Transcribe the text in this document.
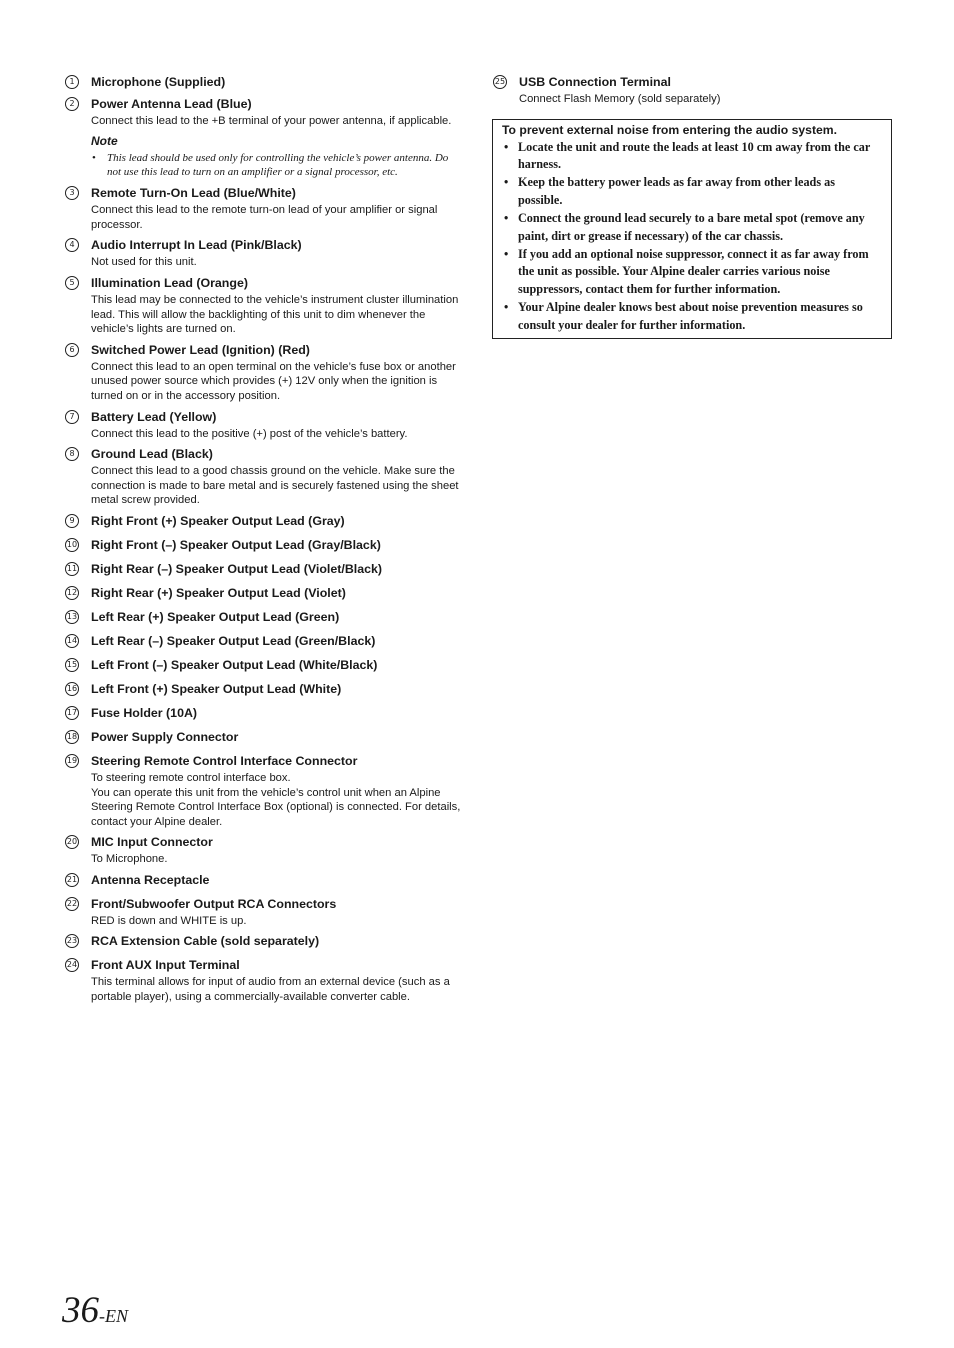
1	Microphone (Supplied)
2	Power Antenna Lead (Blue)
Connect this lead to the +B terminal of your power antenna, if applicable.
Note
• This lead should be used only for controlling the vehicle’s power antenna. Do not use this lead to turn on an amplifier or a signal processor, etc.
3	Remote Turn-On Lead (Blue/White)
Connect this lead to the remote turn-on lead of your amplifier or signal processor.
4	Audio Interrupt In Lead (Pink/Black)
Not used for this unit.
5	Illumination Lead (Orange)
This lead may be connected to the vehicle’s instrument cluster illumination lead. This will allow the backlighting of this unit to dim whenever the vehicle’s lights are turned on.
6	Switched Power Lead (Ignition) (Red)
Connect this lead to an open terminal on the vehicle’s fuse box or another unused power source which provides (+) 12V only when the ignition is turned on or in the accessory position.
7	Battery Lead (Yellow)
Connect this lead to the positive (+) post of the vehicle’s battery.
8	Ground Lead (Black)
Connect this lead to a good chassis ground on the vehicle. Make sure the connection is made to bare metal and is securely fastened using the sheet metal screw provided.
9	Right Front (+) Speaker Output Lead (Gray)
10 Right Front (–) Speaker Output Lead (Gray/Black)
11 Right Rear (–) Speaker Output Lead (Violet/Black)
12 Right Rear (+) Speaker Output Lead (Violet)
13 Left Rear (+) Speaker Output Lead (Green)
14 Left Rear (–) Speaker Output Lead (Green/Black)
15 Left Front (–) Speaker Output Lead (White/Black)
16 Left Front (+) Speaker Output Lead (White)
17 Fuse Holder (10A)
18 Power Supply Connector
19 Steering Remote Control Interface Connector
To steering remote control interface box.
You can operate this unit from the vehicle’s control unit when an Alpine Steering Remote Control Interface Box (optional) is connected. For details, contact your Alpine dealer.
20 MIC Input Connector
To Microphone.
21 Antenna Receptacle
22 Front/Subwoofer Output RCA Connectors
RED is down and WHITE is up.
23 RCA Extension Cable (sold separately)
24 Front AUX Input Terminal
This terminal allows for input of audio from an external device (such as a portable player), using a commercially-available converter cable.
25 USB Connection Terminal
Connect Flash Memory (sold separately)
To prevent external noise from entering the audio system.
• Locate the unit and route the leads at least 10 cm away from the car harness.
• Keep the battery power leads as far away from other leads as possible.
• Connect the ground lead securely to a bare metal spot (remove any paint, dirt or grease if necessary) of the car chassis.
• If you add an optional noise suppressor, connect it as far away from the unit as possible. Your Alpine dealer carries various noise suppressors, contact them for further information.
• Your Alpine dealer knows best about noise prevention measures so consult your dealer for further information.
36-EN
